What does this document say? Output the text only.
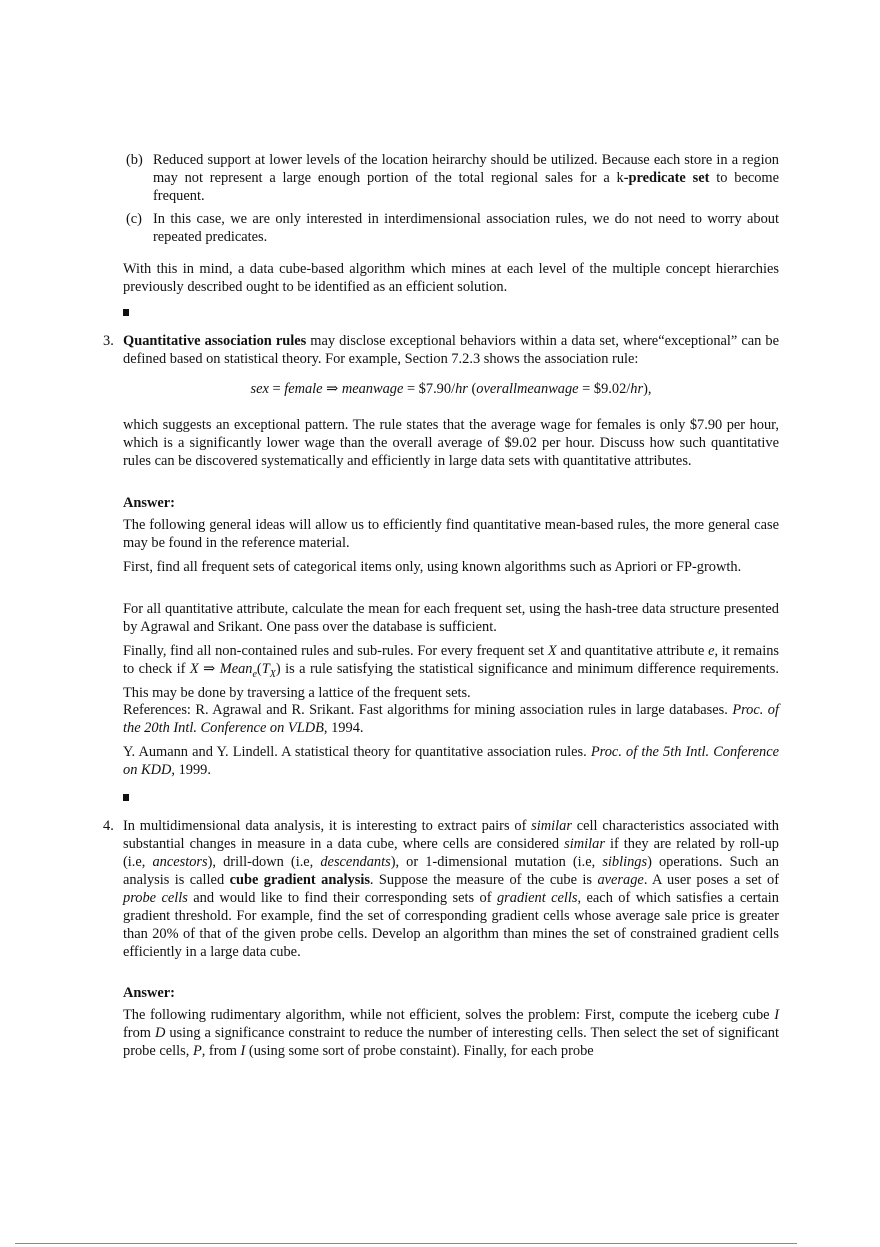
(b) Reduced support at lower levels of the location heirarchy should be utilized. Because each store in a region may not represent a large enough portion of the total regional sales for a k-predicate set to become frequent.
(c) In this case, we are only interested in interdimensional association rules, we do not need to worry about repeated predicates.
With this in mind, a data cube-based algorithm which mines at each level of the multiple concept hierarchies previously described ought to be identified as an efficient solution.
3. Quantitative association rules may disclose exceptional behaviors within a data set, where“exceptional” can be defined based on statistical theory. For example, Section 7.2.3 shows the association rule:
sex = female ⇒ meanwage = $7.90/hr (overallmeanwage = $9.02/hr),
which suggests an exceptional pattern. The rule states that the average wage for females is only $7.90 per hour, which is a significantly lower wage than the overall average of $9.02 per hour. Discuss how such quantitative rules can be discovered systematically and efficiently in large data sets with quantitative attributes.
Answer:
The following general ideas will allow us to efficiently find quantitative mean-based rules, the more general case may be found in the reference material.
First, find all frequent sets of categorical items only, using known algorithms such as Apriori or FP-growth.
For all quantitative attribute, calculate the mean for each frequent set, using the hash-tree data structure presented by Agrawal and Srikant. One pass over the database is sufficient.
Finally, find all non-contained rules and sub-rules. For every frequent set X and quantitative attribute e, it remains to check if X ⇒ $Mean_e(T_X)$ is a rule satisfying the statistical significance and minimum difference requirements. This may be done by traversing a lattice of the frequent sets.
References: R. Agrawal and R. Srikant. Fast algorithms for mining association rules in large databases. Proc. of the 20th Intl. Conference on VLDB, 1994.
Y. Aumann and Y. Lindell. A statistical theory for quantitative association rules. Proc. of the 5th Intl. Conference on KDD, 1999.
4. In multidimensional data analysis, it is interesting to extract pairs of similar cell characteristics associated with substantial changes in measure in a data cube, where cells are considered similar if they are related by roll-up (i.e, ancestors), drill-down (i.e, descendants), or 1-dimensional mutation (i.e, siblings) operations. Such an analysis is called cube gradient analysis. Suppose the measure of the cube is average. A user poses a set of probe cells and would like to find their corresponding sets of gradient cells, each of which satisfies a certain gradient threshold. For example, find the set of corresponding gradient cells whose average sale price is greater than 20% of that of the given probe cells. Develop an algorithm than mines the set of constrained gradient cells efficiently in a large data cube.
Answer:
The following rudimentary algorithm, while not efficient, solves the problem: First, compute the iceberg cube I from D using a significance constraint to reduce the number of interesting cells. Then select the set of significant probe cells, P, from I (using some sort of probe constaint). Finally, for each probe
